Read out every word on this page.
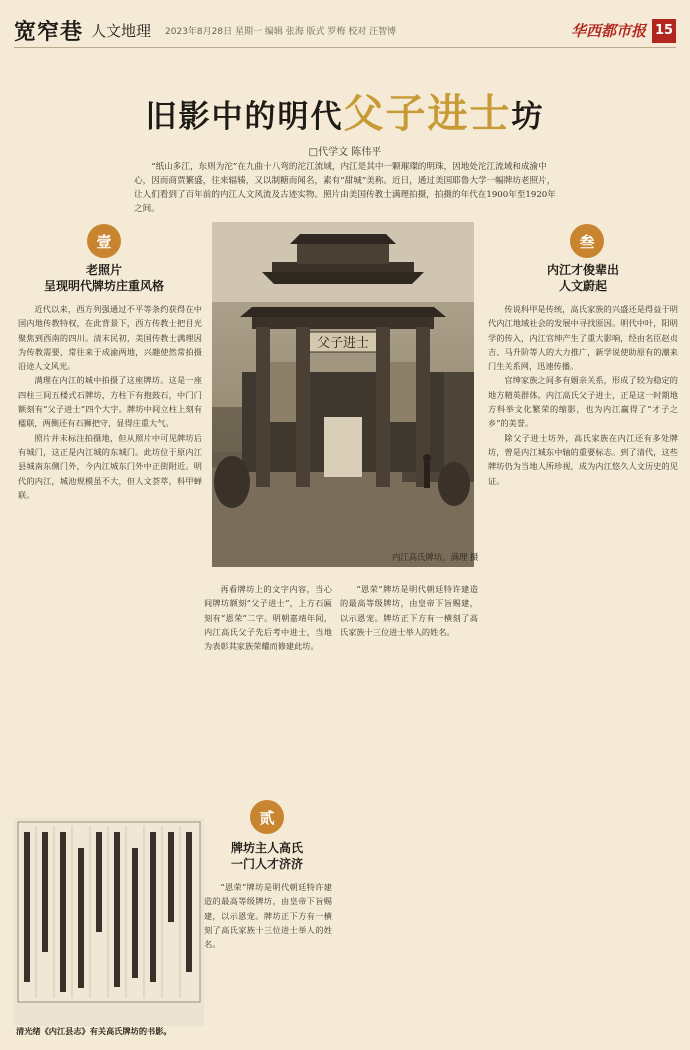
宽窄巷 人文地理 2023年8月28日 星期一 编辑 张海 版式 罗梅 校对 汪智博	华西都市报 15
旧影中的明代父子进士坊
□代学文 陈伟平
“纸山多江，东则为沱”在九曲十八弯的沱江流域，内江是其中一颗璀璨的明珠，因地处沱江流域和成渝中心，因而商贾繁盛，往来辐辏，又以制糖而闻名，素有“甜城”美称。近日，通过美国耶鲁大学一幅牌坊老照片，让人们看到了百年前的内江人文风流及古迹实物。照片由美国传教士满理拍摄，拍摄的年代在1900年至1920年之间。
壹
老照片
呈现明代牌坊庄重风格

近代以来，西方列强通过不平等条约获得在中国内地传教特权，在此背景下，西方传教士把目光聚焦到西南的四川。清末民初，美国传教士满理因为传教需要，常往来于成渝两地，兴趣使然常拍摄沿途人文风光。

满理在内江的城中拍摄了这座牌坊。这是一座四柱三间五楼式石牌坊，方柱下有抱鼓石，中门门额刻有“父子进士”四个大字。牌坊中间立柱上刻有楹联，两侧还有石狮把守，显得庄重大气。

照片并未标注拍摄地，但从照片中可见牌坊后有城门，这正是内江城的东城门。此坊位于原内江县城南东侧门外，今内江城东门外中正街附近。明代的内江，城池规模虽不大，但人文荟萃，科甲蝉联。

父子进士
内江高氏牌坊。满理 摄
贰
牌坊主人高氏
一门人才济济

再看牌坊上的文字内容，当心间牌坊额刻“父子进士”，上方石匾刻有“恩荣”二字。明朝嘉靖年间，内江高氏父子先后考中进士，当地为表彰其家族荣耀而修建此坊。

“恩荣”牌坊是明代朝廷特许建造的最高等级牌坊，由皇帝下旨赐建，以示恩宠。牌坊正下方有一横刻了高氏家族十三位进士举人的姓名。

“恩荣”牌坊是明代朝廷特许建造的最高等级牌坊，由皇帝下旨赐建，以示恩宠。牌坊正下方有一横刻了高氏家族十三位进士举人的姓名。

叁
内江才俊辈出
人文蔚起

传说科甲是传统，高氏家族的兴盛还是得益于明代内江地域社会的发展中寻找原因。明代中叶，阳明学的传入，内江官绅产生了重大影响，经由名臣赵贞吉、马升阶等人的大力推广，新学说使助原有的潮来门生关系网，迅速传播。

官绅家族之间多有姻亲关系，形成了较为稳定的地方精英群体。内江高氏父子进士，正是这一时期地方科举文化繁荣的缩影，也为内江赢得了“才子之乡”的美誉。

除父子进士坊外，高氏家族在内江还有多处牌坊，曾是内江城东中轴的重要标志。到了清代，这些牌坊仍为当地人所珍视，成为内江悠久人文历史的见证。

清光绪《内江县志》有关高氏牌坊的书影。
